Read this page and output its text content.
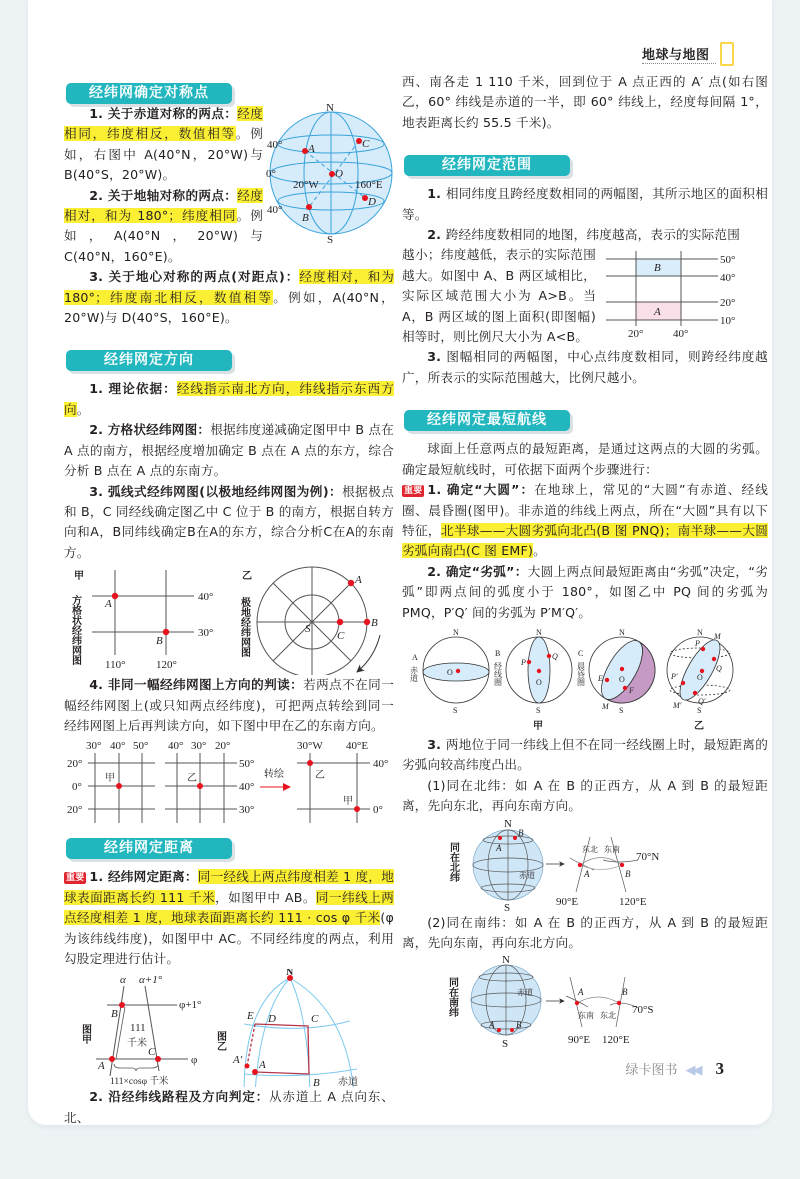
地球与地图
经纬网确定对称点
N
S
40°
0°
40°
20°W	160°E
A	C
O
D
B

1. 关于赤道对称的两点：经度相同，纬度相反，数值相等。例如，右图中 A(40°N，20°W)与 B(40°S，20°W)。

2. 关于地轴对称的两点：经度相对，和为 180°；纬度相同。例如，A(40°N，20°W)与 C(40°N，160°E)。

3. 关于地心对称的两点(对距点)：经度相对，和为 180°；纬度南北相反，数值相等。例如，A(40°N，20°W)与 D(40°S，160°E)。

经纬网定方向

1. 理论依据：经线指示南北方向，纬线指示东西方向。

2. 方格状经纬网图：根据纬度递减确定图甲中 B 点在 A 点的南方，根据经度增加确定 B 点在 A 点的东方，综合分析 B 点在 A 点的东南方。

3. 弧线式经纬网图(以极地经纬网图为例)：根据极点和 B，C 同经线确定图乙中 C 位于 B 的南方，根据自转方向和A，B同纬线确定B在A的东方，综合分析C在A的东南方。

甲
方格状经纬网图	40°
30°
110°	120°
A
B
乙
极地经纬网图	S
A
B
C

4. 非同一幅经纬网图上方向的判读：若两点不在同一幅经纬网图上(或只知两点经纬度)，可把两点转绘到同一经纬网图上后再判读方向，如下图中甲在乙的东南方向。

30° 40° 50°
20°
0°
20°
甲
40° 30° 20°
50°
40°
30°
乙	转绘
30°W 40°E
40°
0°
乙
甲
经纬网定距离

重要 1. 经纬网定距离：同一经线上两点纬度相差 1 度，地球表面距离长约 111 千米，如图甲中 AB。同一纬线上两点经度相差 1 度，地球表面距离长约 111 · cos φ 千米(φ 为该纬线纬度)，如图甲中 AC。不同经纬度的两点，利用勾股定理进行估计。

图甲
α α+1°
φ+1°
φ
111
千米
111×cosφ 千米
A
B
C
N
图乙
E D	C
A′ A
B 赤道

2. 沿经纬线路程及方向判定：从赤道上 A 点向东、北、

西、南各走 1 110 千米，回到位于 A 点正西的 A′ 点(如右图乙，60° 纬线是赤道的一半，即 60° 纬线上，经度每间隔 1°，地表距离长约 55.5 千米)。

经纬网定范围

1. 相同纬度且跨经度数相同的两幅图，其所示地区的面积相等。

2. 跨经纬度数相同的地图，纬度越高，表示的实际范围

50°
40°
20°
10°
20°	40°
B
A

越小；纬度越低，表示的实际范围越大。如图中 A、B 两区域相比，实际区域范围大小为 A>B。当 A，B 两区域的图上面积(即图幅)相等时，则比例尺大小为 A<B。

3. 图幅相同的两幅图，中心点纬度数相同，则跨经纬度越广，所表示的实际范围越大，比例尺越小。

经纬网定最短航线

球面上任意两点的最短距离，是通过这两点的大圆的劣弧。确定最短航线时，可依据下面两个步骤进行：

重要 1. 确定“大圆”：在地球上，常见的“大圆”有赤道、经线圈、晨昏圈(图甲)。非赤道的纬线上两点，所在“大圆”具有以下特征，北半球——大圆劣弧向北凸(B 图 PNQ)；南半球——大圆劣弧向南凸(C 图 EMF)。

2. 确定“劣弧”：大圆上两点间最短距离由“劣弧”决定，“劣弧”即两点间的弧度小于 180°，如图乙中 PQ 间的劣弧为 PMQ，P′Q′ 间的劣弧为 P′M′Q′。

N
S
N
S
N
S
N
S
A
赤道
B
经线圈
C
晨昏圈
O
O
P
Q
O
E
F
M
O
P
Q
M
P′
Q′
M′
甲	乙

3. 两地位于同一纬线上但不在同一经线圈上时，最短距离的劣弧向较高纬度凸出。

(1)同在北纬：如 A 在 B 的正西方，从 A 到 B 的最短距离，先向东北，再向东南方向。

同在北纬
N
S
A
B
赤道
东北 东南
A	B
70°N
90°E	120°E

(2)同在南纬：如 A 在 B 的正西方，从 A 到 B 的最短距离，先向东南，再向东北方向。

同在南纬
N
S
A B
赤道	A	B
东南 东北 70°S
90°E 120°E
绿卡图书 ◀◀ 3
